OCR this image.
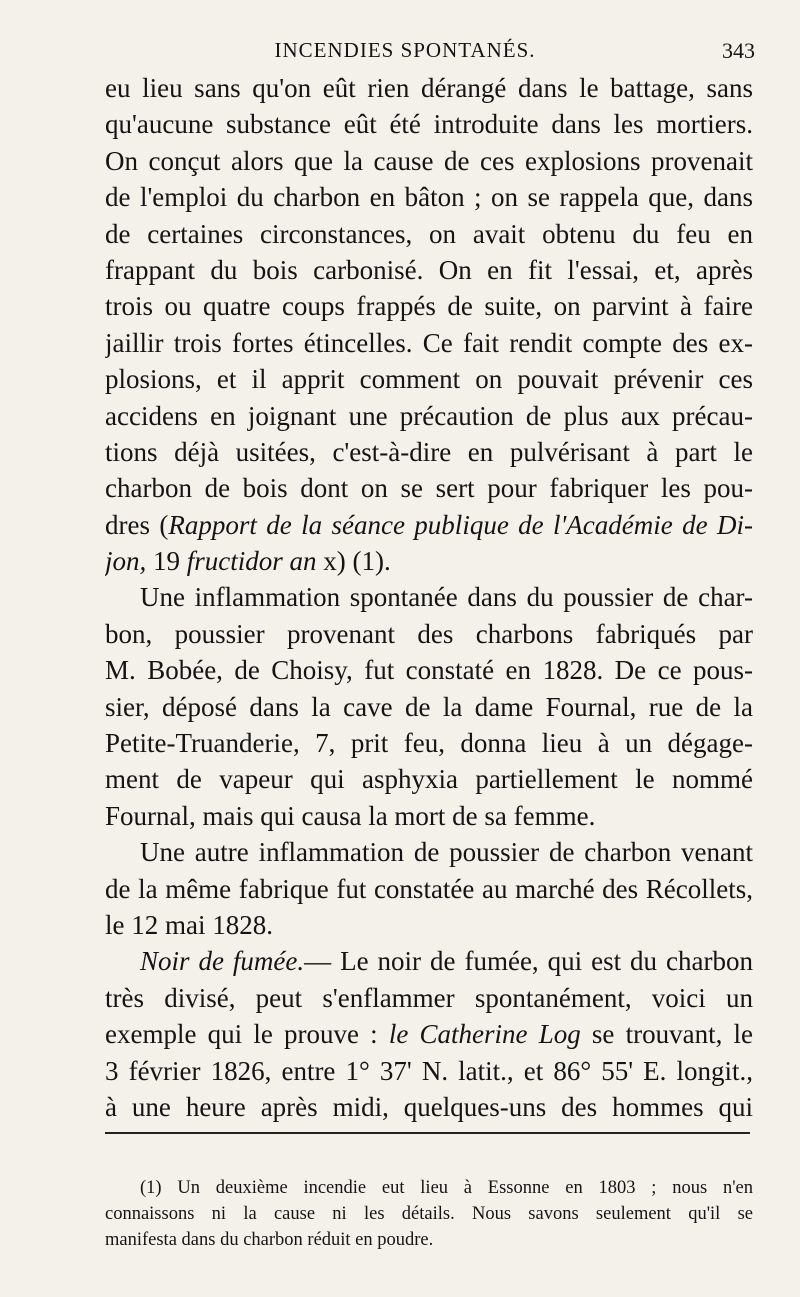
INCENDIES SPONTANÉS.	343
eu lieu sans qu'on eût rien dérangé dans le battage, sans
qu'aucune substance eût été introduite dans les mortiers.
On conçut alors que la cause de ces explosions provenait
de l'emploi du charbon en bâton ; on se rappela que, dans
de certaines circonstances, on avait obtenu du feu en
frappant du bois carbonisé. On en fit l'essai, et, après
trois ou quatre coups frappés de suite, on parvint à faire
jaillir trois fortes étincelles. Ce fait rendit compte des ex-
plosions, et il apprit comment on pouvait prévenir ces
accidens en joignant une précaution de plus aux précau-
tions déjà usitées, c'est-à-dire en pulvérisant à part le
charbon de bois dont on se sert pour fabriquer les pou-
dres (Rapport de la séance publique de l'Académie de Di-
jon, 19 fructidor an x) (1).
Une inflammation spontanée dans du poussier de char-
bon, poussier provenant des charbons fabriqués par
M. Bobée, de Choisy, fut constaté en 1828. De ce pous-
sier, déposé dans la cave de la dame Fournal, rue de la
Petite-Truanderie, 7, prit feu, donna lieu à un dégage-
ment de vapeur qui asphyxia partiellement le nommé
Fournal, mais qui causa la mort de sa femme.
Une autre inflammation de poussier de charbon venant
de la même fabrique fut constatée au marché des Récollets,
le 12 mai 1828.
Noir de fumée.— Le noir de fumée, qui est du charbon
très divisé, peut s'enflammer spontanément, voici un
exemple qui le prouve : le Catherine Log se trouvant, le
3 février 1826, entre 1° 37' N. latit., et 86° 55' E. longit.,
à une heure après midi, quelques-uns des hommes qui
(1) Un deuxième incendie eut lieu à Essonne en 1803 ; nous n'en
connaissons ni la cause ni les détails. Nous savons seulement qu'il se
manifesta dans du charbon réduit en poudre.
